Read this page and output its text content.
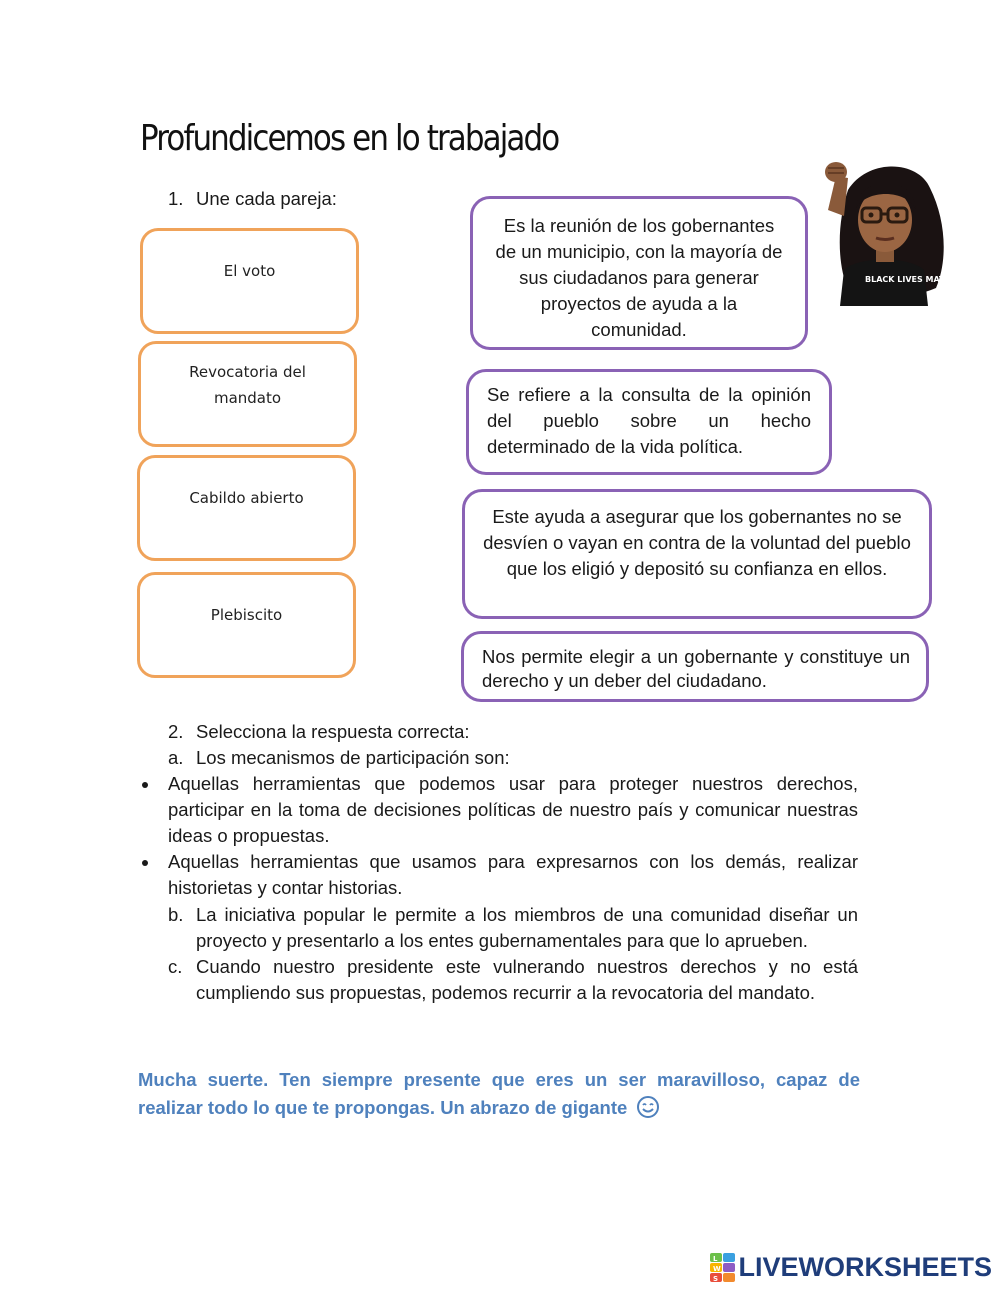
Profundicemos en lo trabajado
1. Une cada pareja:
El voto
Revocatoria del mandato
Cabildo abierto
Plebiscito
Es la reunión de los gobernantes de un municipio, con la mayoría de sus ciudadanos para generar proyectos de ayuda a la comunidad.
Se refiere a la consulta de la opinión del pueblo sobre un hecho determinado de la vida política.
Este ayuda a asegurar que los gobernantes no se desvíen o vayan en contra de la voluntad del pueblo que los eligió y depositó su confianza en ellos.
Nos permite elegir a un gobernante y constituye un derecho y un deber del ciudadano.
BLACK LIVES MATTER
2. Selecciona la respuesta correcta:
a. Los mecanismos de participación son:
Aquellas herramientas que podemos usar para proteger nuestros derechos, participar en la toma de decisiones políticas de nuestro país y comunicar nuestras ideas o propuestas.
Aquellas herramientas que usamos para expresarnos con los demás, realizar historietas y contar historias.
b. La iniciativa popular le permite a los miembros de una comunidad diseñar un proyecto y presentarlo a los entes gubernamentales para que lo aprueben.
c. Cuando nuestro presidente este vulnerando nuestros derechos y no está cumpliendo sus propuestas, podemos recurrir a la revocatoria del mandato.
Mucha suerte. Ten siempre presente que eres un ser maravilloso, capaz de realizar todo lo que te propongas. Un abrazo de gigante
L
W
S LIVEWORKSHEETS
